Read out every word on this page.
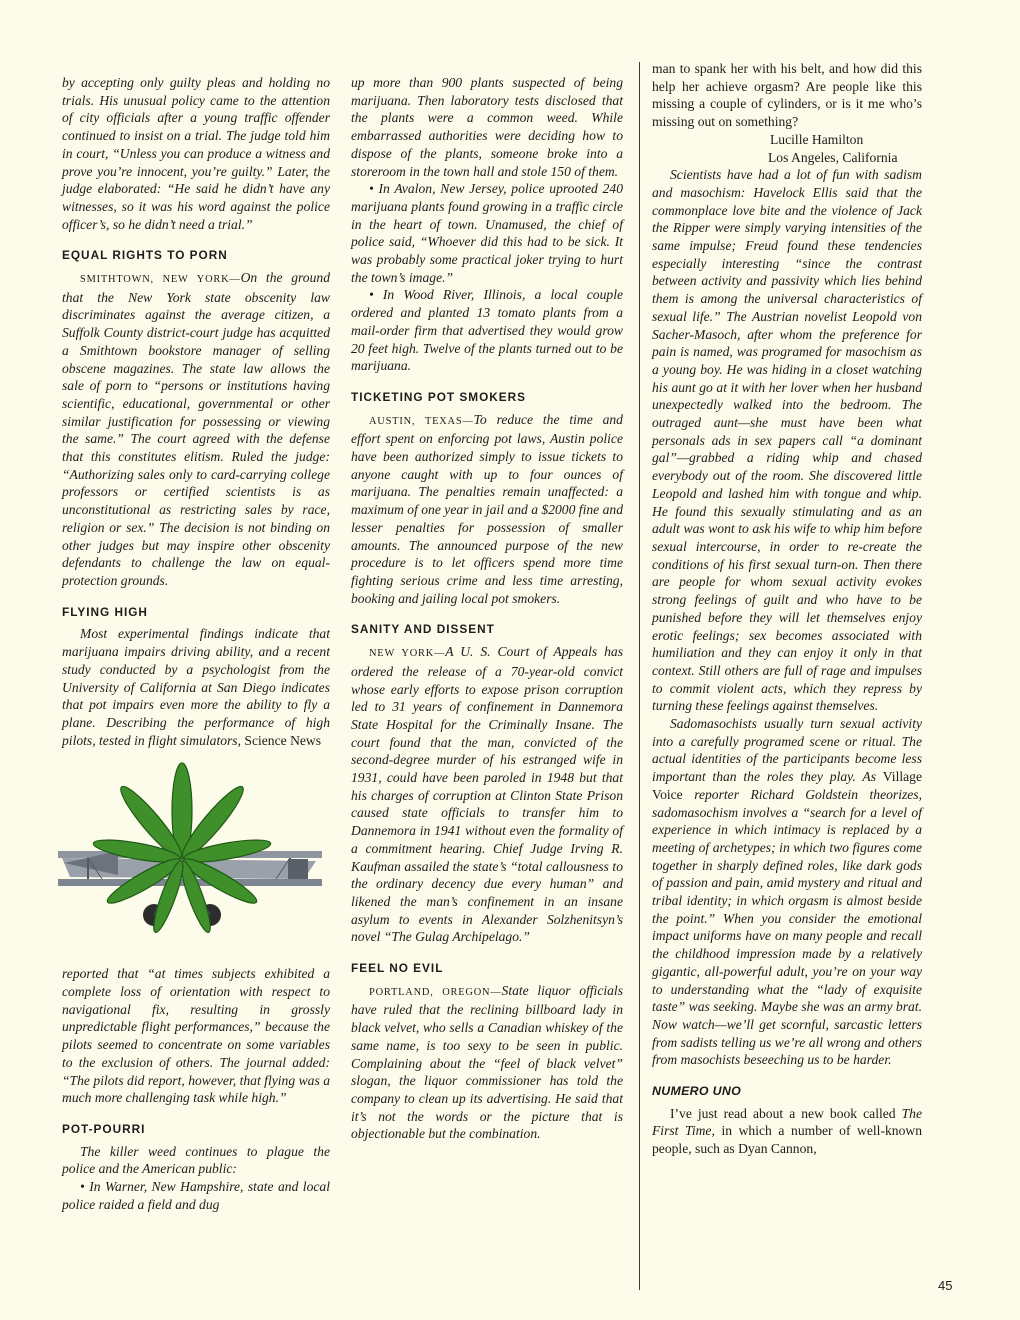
by accepting only guilty pleas and holding no trials. His unusual policy came to the attention of city officials after a young traffic offender continued to insist on a trial. The judge told him in court, “Unless you can produce a witness and prove you’re innocent, you’re guilty.” Later, the judge elaborated: “He said he didn’t have any witnesses, so it was his word against the police officer’s, so he didn’t need a trial.”

EQUAL RIGHTS TO PORN

SMITHTOWN, NEW YORK—On the ground that the New York state obscenity law discriminates against the average citizen, a Suffolk County district-court judge has acquitted a Smithtown bookstore manager of selling obscene magazines. The state law allows the sale of porn to “persons or institutions having scientific, educational, governmental or other similar justification for possessing or viewing the same.” The court agreed with the defense that this constitutes elitism. Ruled the judge: “Authorizing sales only to card-carrying college professors or certified scientists is as unconstitutional as restricting sales by race, religion or sex.” The decision is not binding on other judges but may inspire other obscenity defendants to challenge the law on equal-protection grounds.

FLYING HIGH

Most experimental findings indicate that marijuana impairs driving ability, and a recent study conducted by a psychologist from the University of California at San Diego indicates that pot impairs even more the ability to fly a plane. Describing the performance of high pilots, tested in flight simulators, Science News

reported that “at times subjects exhibited a complete loss of orientation with respect to navigational fix, resulting in grossly unpredictable flight performances,” because the pilots seemed to concentrate on some variables to the exclusion of others. The journal added: “The pilots did report, however, that flying was a much more challenging task while high.”

POT-POURRI

The killer weed continues to plague the police and the American public:

• In Warner, New Hampshire, state and local police raided a field and dug

up more than 900 plants suspected of being marijuana. Then laboratory tests disclosed that the plants were a common weed. While embarrassed authorities were deciding how to dispose of the plants, someone broke into a storeroom in the town hall and stole 150 of them.

• In Avalon, New Jersey, police uprooted 240 marijuana plants found growing in a traffic circle in the heart of town. Unamused, the chief of police said, “Whoever did this had to be sick. It was probably some practical joker trying to hurt the town’s image.”

• In Wood River, Illinois, a local couple ordered and planted 13 tomato plants from a mail-order firm that advertised they would grow 20 feet high. Twelve of the plants turned out to be marijuana.

TICKETING POT SMOKERS

AUSTIN, TEXAS—To reduce the time and effort spent on enforcing pot laws, Austin police have been authorized simply to issue tickets to anyone caught with up to four ounces of marijuana. The penalties remain unaffected: a maximum of one year in jail and a $2000 fine and lesser penalties for possession of smaller amounts. The announced purpose of the new procedure is to let officers spend more time fighting serious crime and less time arresting, booking and jailing local pot smokers.

SANITY AND DISSENT

NEW YORK—A U. S. Court of Appeals has ordered the release of a 70-year-old convict whose early efforts to expose prison corruption led to 31 years of confinement in Dannemora State Hospital for the Criminally Insane. The court found that the man, convicted of the second-degree murder of his estranged wife in 1931, could have been paroled in 1948 but that his charges of corruption at Clinton State Prison caused state officials to transfer him to Dannemora in 1941 without even the formality of a commitment hearing. Chief Judge Irving R. Kaufman assailed the state’s “total callousness to the ordinary decency due every human” and likened the man’s confinement in an insane asylum to events in Alexander Solzhenitsyn’s novel “The Gulag Archipelago.”

FEEL NO EVIL

PORTLAND, OREGON—State liquor officials have ruled that the reclining billboard lady in black velvet, who sells a Canadian whiskey of the same name, is too sexy to be seen in public. Complaining about the “feel of black velvet” slogan, the liquor commissioner has told the company to clean up its advertising. He said that it’s not the words or the picture that is objectionable but the combination.

man to spank her with his belt, and how did this help her achieve orgasm? Are people like this missing a couple of cylinders, or is it me who’s missing out on something?

Lucille Hamilton
Los Angeles, California

Scientists have had a lot of fun with sadism and masochism: Havelock Ellis said that the commonplace love bite and the violence of Jack the Ripper were simply varying intensities of the same impulse; Freud found these tendencies especially interesting “since the contrast between activity and passivity which lies behind them is among the universal characteristics of sexual life.” The Austrian novelist Leopold von Sacher-Masoch, after whom the preference for pain is named, was programed for masochism as a young boy. He was hiding in a closet watching his aunt go at it with her lover when her husband unexpectedly walked into the bedroom. The outraged aunt—she must have been what personals ads in sex papers call “a dominant gal”—grabbed a riding whip and chased everybody out of the room. She discovered little Leopold and lashed him with tongue and whip. He found this sexually stimulating and as an adult was wont to ask his wife to whip him before sexual intercourse, in order to re-create the conditions of his first sexual turn-on. Then there are people for whom sexual activity evokes strong feelings of guilt and who have to be punished before they will let themselves enjoy erotic feelings; sex becomes associated with humiliation and they can enjoy it only in that context. Still others are full of rage and impulses to commit violent acts, which they repress by turning these feelings against themselves.

Sadomasochists usually turn sexual activity into a carefully programed scene or ritual. The actual identities of the participants become less important than the roles they play. As Village Voice reporter Richard Goldstein theorizes, sadomasochism involves a “search for a level of experience in which intimacy is replaced by a meeting of archetypes; in which two figures come together in sharply defined roles, like dark gods of passion and pain, amid mystery and ritual and tribal identity; in which orgasm is almost beside the point.” When you consider the emotional impact uniforms have on many people and recall the childhood impression made by a relatively gigantic, all-powerful adult, you’re on your way to understanding what the “lady of exquisite taste” was seeking. Maybe she was an army brat. Now watch—we’ll get scornful, sarcastic letters from sadists telling us we’re all wrong and others from masochists beseeching us to be harder.

NUMERO UNO

I’ve just read about a new book called The First Time, in which a number of well-known people, such as Dyan Cannon,

45
